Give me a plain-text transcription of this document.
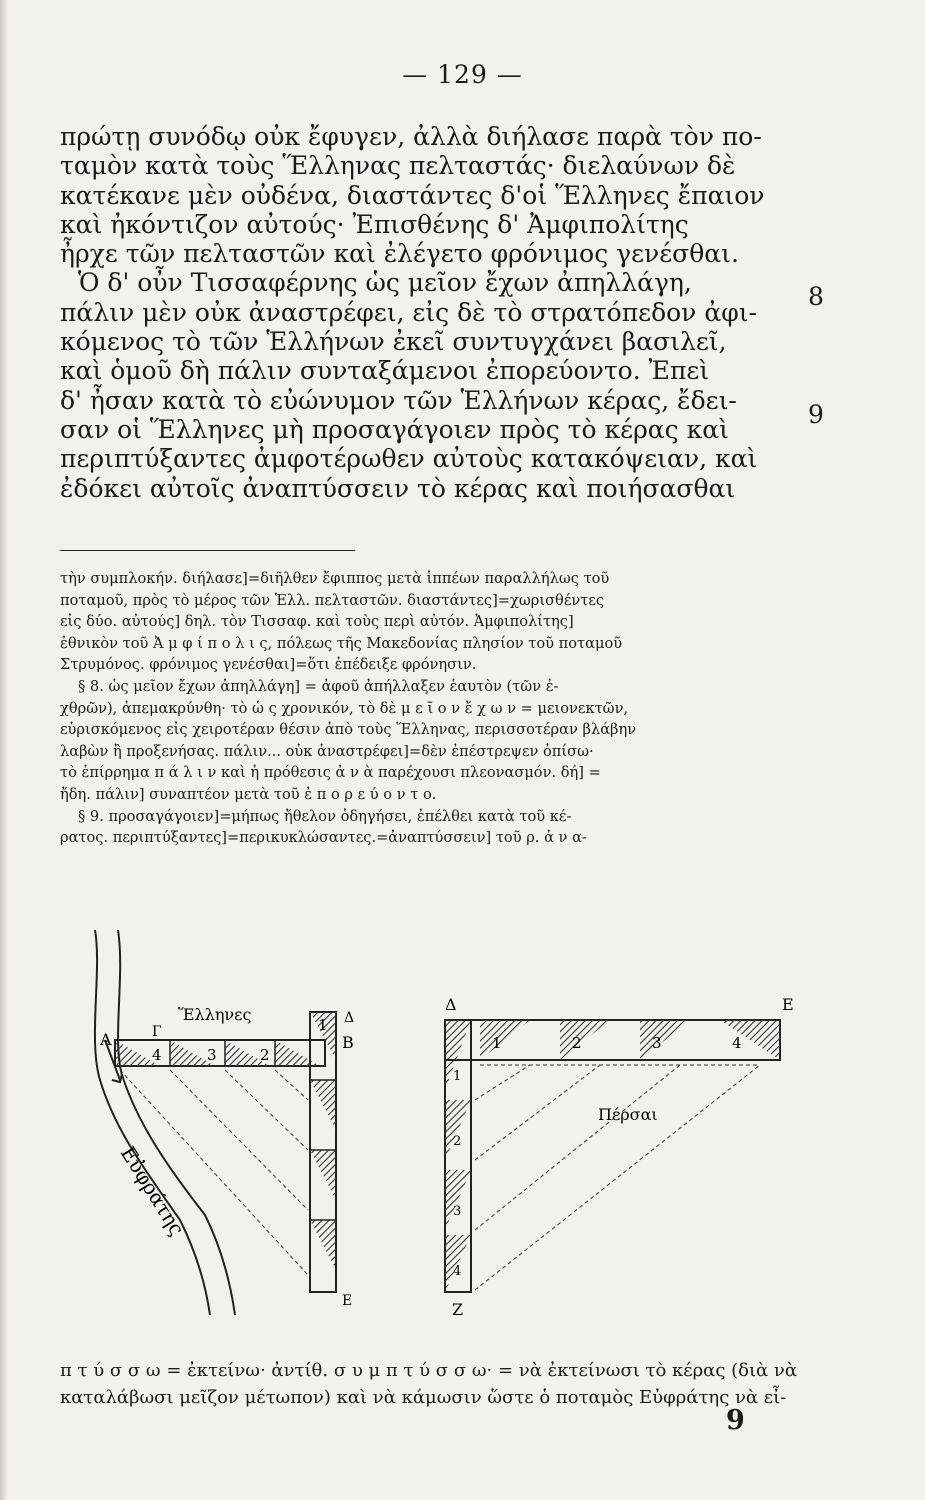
— 129 —
πρώτῃ συνόδῳ οὐκ ἔφυγεν, ἀλλὰ διήλασε παρὰ τὸν πο-
ταμὸν κατὰ τοὺς Ἕλληνας πελταστάς· διελαύνων δὲ
κατέκανε μὲν οὐδένα, διαστάντες δ'οἱ Ἕλληνες ἔπαιον
καὶ ἠκόντιζον αὐτούς· Ἐπισθένης δ' Ἀμφιπολίτης
ἦρχε τῶν πελταστῶν καὶ ἐλέγετο φρόνιμος γενέσθαι.
Ὁ δ' οὖν Τισσαφέρνης ὡς μεῖον ἔχων ἀπηλλάγη,
πάλιν μὲν οὐκ ἀναστρέφει, εἰς δὲ τὸ στρατόπεδον ἀφι-
κόμενος τὸ τῶν Ἑλλήνων ἐκεῖ συντυγχάνει βασιλεῖ,
καὶ ὁμοῦ δὴ πάλιν συνταξάμενοι ἐπορεύοντο. Ἐπεὶ
δ' ἦσαν κατὰ τὸ εὐώνυμον τῶν Ἑλλήνων κέρας, ἔδει-
σαν οἱ Ἕλληνες μὴ προσαγάγοιεν πρὸς τὸ κέρας καὶ
περιπτύξαντες ἀμφοτέρωθεν αὐτοὺς κατακόψειαν, καὶ
ἐδόκει αὐτοῖς ἀναπτύσσειν τὸ κέρας καὶ ποιήσασθαι
8
9
τὴν συμπλοκήν. διήλασε]=διῆλθεν ἔφιππος μετὰ ἱππέων παραλλήλως τοῦ
ποταμοῦ, πρὸς τὸ μέρος τῶν Ἑλλ. πελταστῶν. διαστάντες]=χωρισθέντες
εἰς δύο. αὐτούς] δηλ. τὸν Τισσαφ. καὶ τοὺς περὶ αὐτόν. Ἀμφιπολίτης]
ἐθνικὸν τοῦ Ἀ μ φ ί π ο λ ι ς, πόλεως τῆς Μακεδονίας πλησίον τοῦ ποταμοῦ
Στρυμόνος. φρόνιμος γενέσθαι]=ὅτι ἐπέδειξε φρόνησιν.
§ 8. ὡς μεῖον ἔχων ἀπηλλάγη] = ἀφοῦ ἀπήλλαξεν ἑαυτὸν (τῶν ἐ-
χθρῶν), ἀπεμακρύνθη· τὸ ὡ ς χρονικόν, τὸ δὲ μ ε ῖ ο ν ἔ χ ω ν = μειονεκτῶν,
εὑρισκόμενος εἰς χειροτέραν θέσιν ἀπὸ τοὺς Ἕλληνας, περισσοτέραν βλάβην
λαβὼν ἢ προξενήσας. πάλιν... οὐκ ἀναστρέφει]=δὲν ἐπέστρεψεν ὀπίσω·
τὸ ἐπίρρημα π ά λ ι ν καὶ ἡ πρόθεσις ἀ ν ὰ παρέχουσι πλεονασμόν. δή] =
ἤδη. πάλιν] συναπτέον μετὰ τοῦ ἐ π ο ρ ε ύ ο ν τ ο.
§ 9. προσαγάγοιεν]=μήπως ἤθελον ὁδηγήσει, ἐπέλθει κατὰ τοῦ κέ-
ρατος. περιπτύξαντες]=περικυκλώσαντες.=ἀναπτύσσειν] τοῦ ρ. ἀ ν α-
Ἕλληνες
Α	Γ
Β
Δ
Ε
4	3	2
1
Εὐφράτης
Δ	Ε
Ζ
Πέρσαι
1	2	3	4
1
2
3
4
π τ ύ σ σ ω = ἐκτείνω· ἀντίθ. σ υ μ π τ ύ σ σ ω· = νὰ ἐκτείνωσι τὸ κέρας (διὰ νὰ
καταλάβωσι μεῖζον μέτωπον) καὶ νὰ κάμωσιν ὥστε ὁ ποταμὸς Εὐφράτης νὰ εἶ-
9
